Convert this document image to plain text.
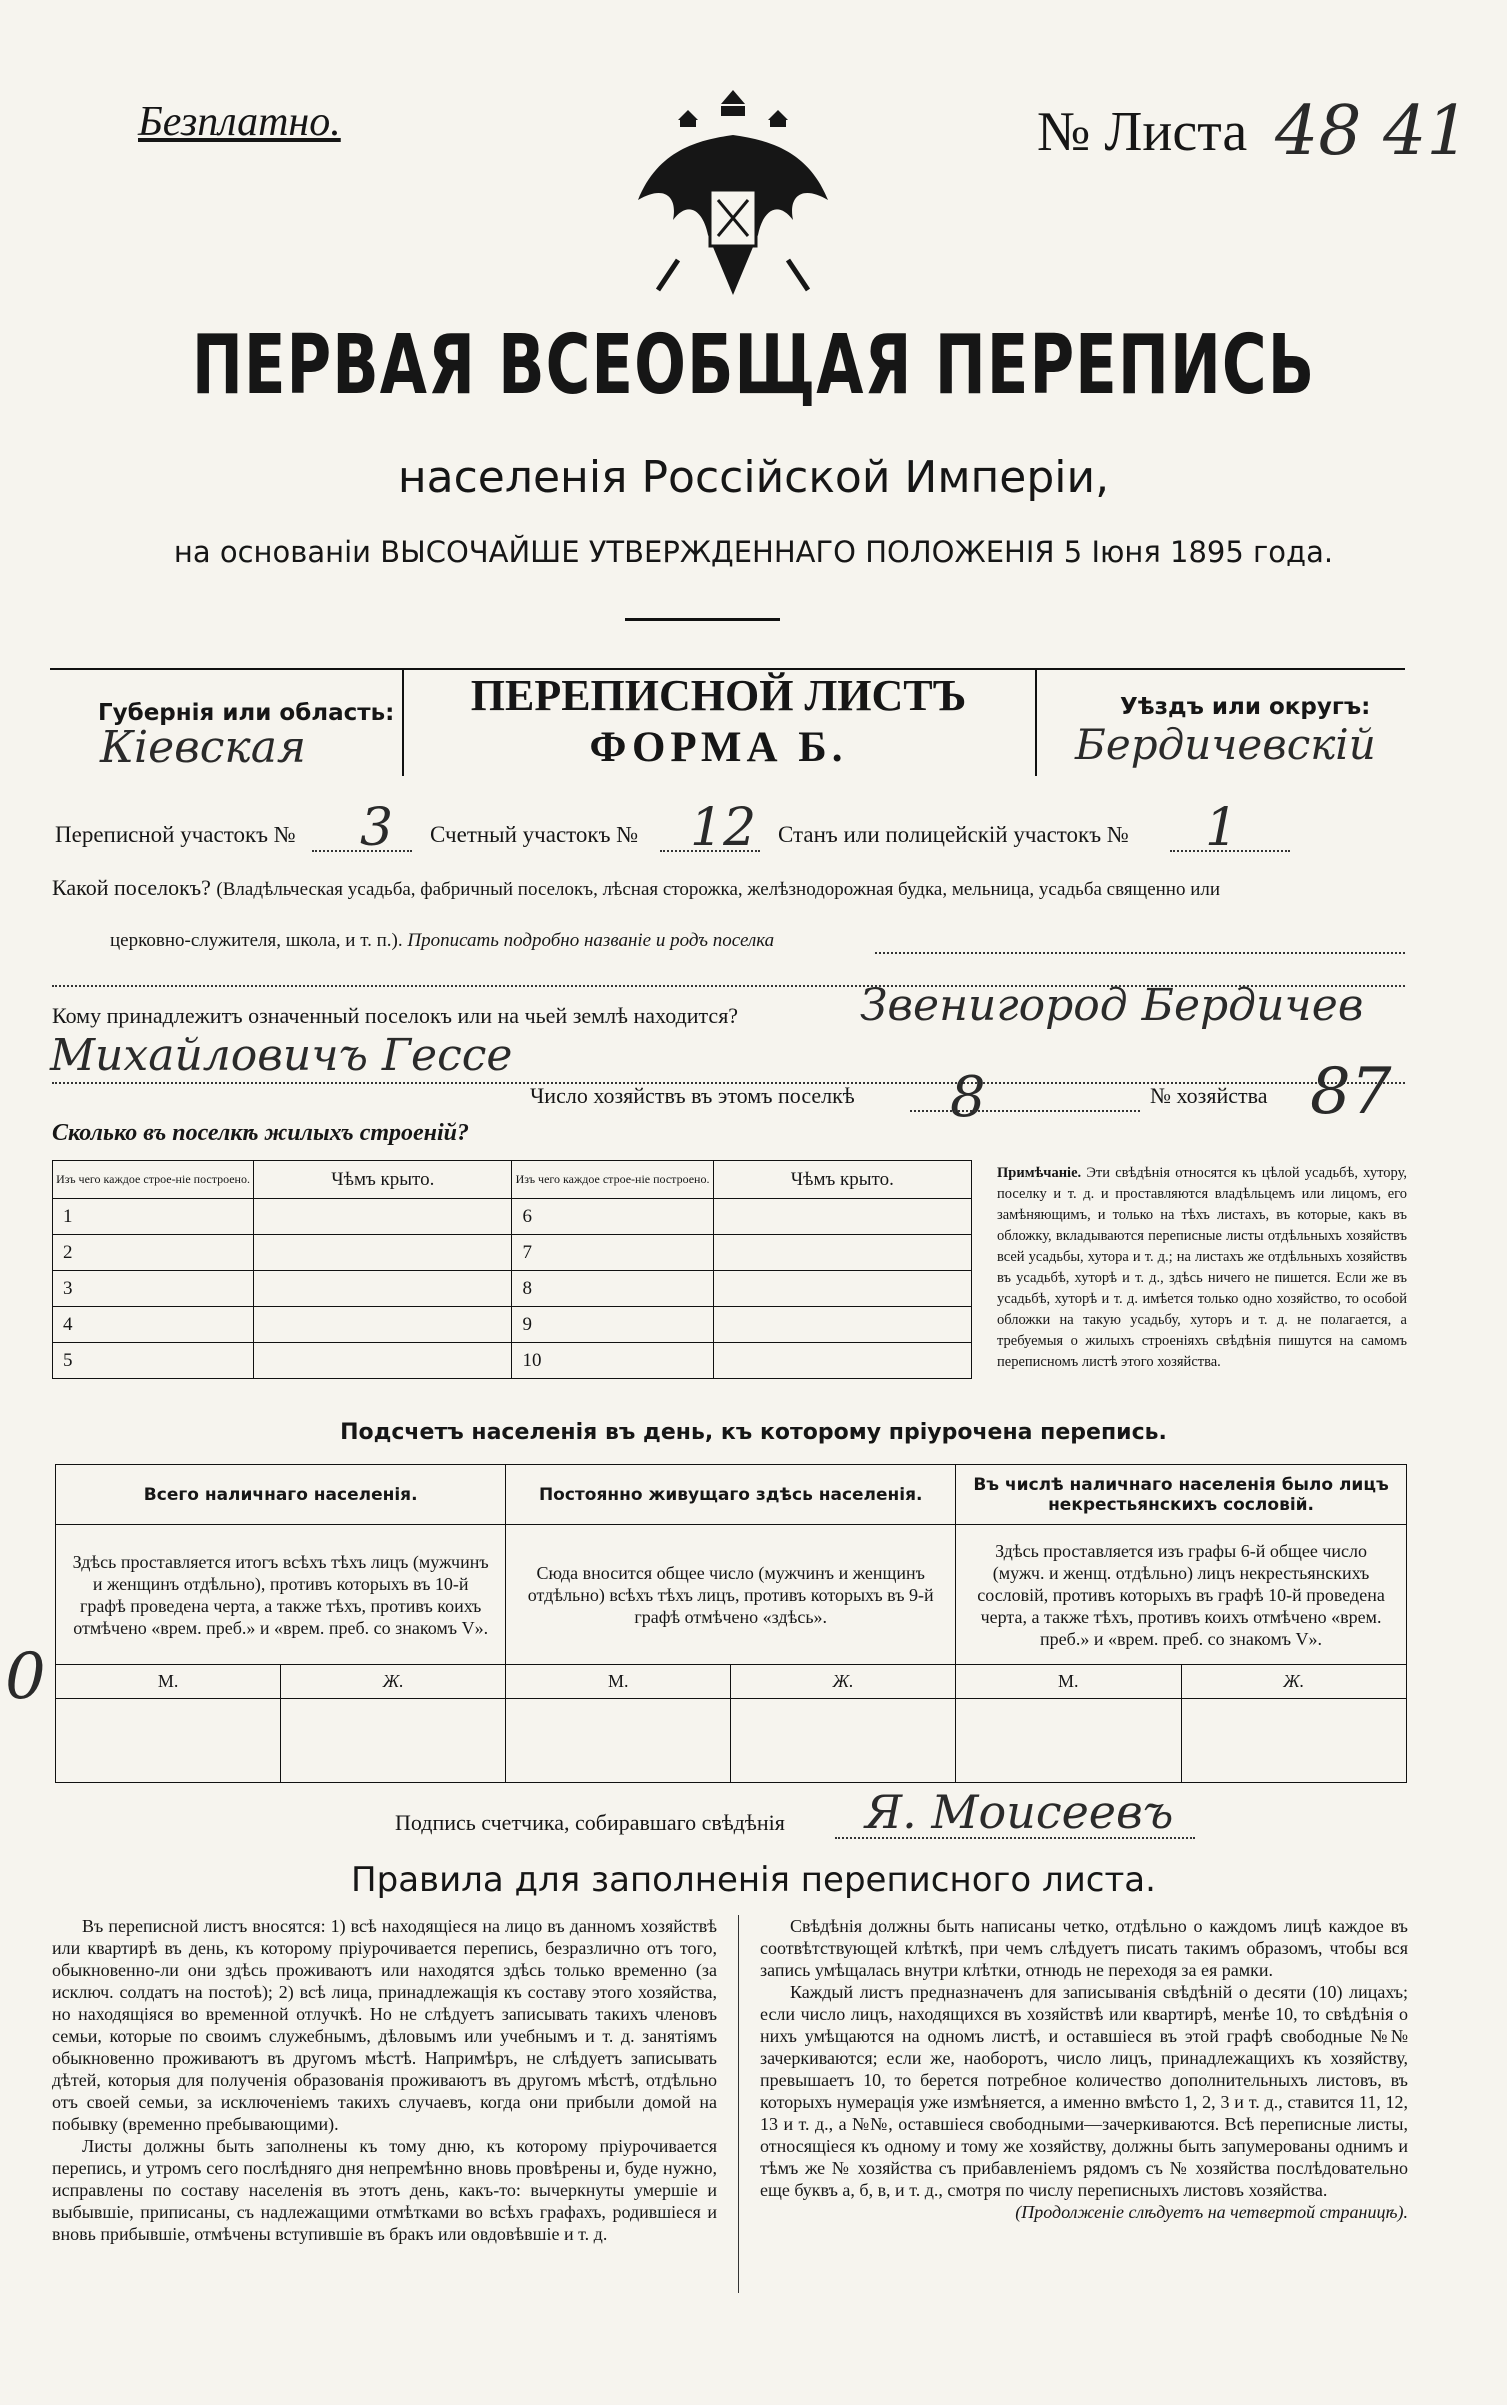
Безплатно.	№ Листа 48 41
ПЕРВАЯ ВСЕОБЩАЯ ПЕРЕПИСЬ
населенія Россійской Имперіи,
на основаніи ВЫСОЧАЙШЕ УТВЕРЖДЕННАГО ПОЛОЖЕНІЯ 5 Іюня 1895 года.
ПЕРЕПИСНОЙ ЛИСТЪ
ФОРМА Б.
Губернія или область:
Кіевская
Уѣздъ или округъ:
Бердичевскій
Переписной участокъ № 3 Счетный участокъ № 12 Станъ или полицейскій участокъ № 1
Какой поселокъ? (Владѣльческая усадьба, фабричный поселокъ, лѣсная сторожка, желѣзнодорожная будка, мельница, усадьба священно или
церковно-служителя, школа, и т. п.). Прописать подробно названіе и родъ поселка
Кому принадлежитъ означенный поселокъ или на чьей землѣ находится?	Звенигород Бердичев
Михайловичъ Гессе
Число хозяйствъ въ этомъ поселкѣ 8	№ хозяйства 87
Сколько въ поселкѣ жилыхъ строеній?
Изъ чего каждое строе-ніе построено.	Чѣмъ крыто.	Изъ чего каждое строе-ніе построено.	Чѣмъ крыто.
1		6	
2		7	
3		8	
4		9	
5		10	
Примѣчаніе. Эти свѣдѣнія относятся къ цѣлой усадьбѣ, хутору, поселку и т. д. и проставляются владѣльцемъ или лицомъ, его замѣняющимъ, и только на тѣхъ листахъ, въ которые, какъ въ обложку, вкладываются переписные листы отдѣльныхъ хозяйствъ всей усадьбы, хутора и т. д.; на листахъ же отдѣльныхъ хозяйствъ въ усадьбѣ, хуторѣ и т. д., здѣсь ничего не пишется. Если же въ усадьбѣ, хуторѣ и т. д. имѣется только одно хозяйство, то особой обложки на такую усадьбу, хуторъ и т. д. не полагается, а требуемыя о жилыхъ строеніяхъ свѣдѣнія пишутся на самомъ переписномъ листѣ этого хозяйства.
Подсчетъ населенія въ день, къ которому пріурочена перепись.
Всего наличнаго населенія.		Постоянно живущаго здѣсь населенія.		Въ числѣ наличнаго населенія было лицъ некрестьянскихъ сословій.	
Здѣсь проставляется итогъ всѣхъ тѣхъ лицъ (мужчинъ и женщинъ отдѣльно), противъ которыхъ въ 10-й графѣ проведена черта, а также тѣхъ, противъ коихъ отмѣчено «врем. преб.» и «врем. преб. со знакомъ V».		Сюда вносится общее число (мужчинъ и женщинъ отдѣльно) всѣхъ тѣхъ лицъ, противъ которыхъ въ 9-й графѣ отмѣчено «здѣсь».		Здѣсь проставляется изъ графы 6-й общее число (мужч. и женщ. отдѣльно) лицъ некрестьянскихъ сословій, противъ которыхъ въ графѣ 10-й проведена черта, а также тѣхъ, противъ коихъ отмѣчено «врем. преб.» и «врем. преб. со знакомъ V».	
М.	Ж.	М.	Ж.	М.	Ж.

Подпись счетчика, собиравшаго свѣдѣнія Я. Моисеевъ
Правила для заполненія переписного листа.
Въ переписной листъ вносятся: 1) всѣ находящіеся на лицо въ данномъ хозяйствѣ или квартирѣ въ день, къ которому пріурочивается перепись, безразлично отъ того, обыкновенно-ли они здѣсь проживаютъ или находятся здѣсь только временно (за исключ. солдатъ на постоѣ); 2) всѣ лица, принадлежащія къ составу этого хозяйства, но находящіяся во временной отлучкѣ. Но не слѣдуетъ записывать такихъ членовъ семьи, которые по своимъ служебнымъ, дѣловымъ или учебнымъ и т. д. занятіямъ обыкновенно проживаютъ въ другомъ мѣстѣ. Напримѣръ, не слѣдуетъ записывать дѣтей, которыя для полученія образованія проживаютъ въ другомъ мѣстѣ, отдѣльно отъ своей семьи, за исключеніемъ такихъ случаевъ, когда они прибыли домой на побывку (временно пребывающими).
Листы должны быть заполнены къ тому дню, къ которому пріурочивается перепись, и утромъ сего послѣдняго дня непремѣнно вновь провѣрены и, буде нужно, исправлены по составу населенія въ этотъ день, какъ-то: вычеркнуты умершіе и выбывшіе, приписаны, съ надлежащими отмѣтками во всѣхъ графахъ, родившіеся и вновь прибывшіе, отмѣчены вступившіе въ бракъ или овдовѣвшіе и т. д.
Свѣдѣнія должны быть написаны четко, отдѣльно о каждомъ лицѣ каждое въ соотвѣтствующей клѣткѣ, при чемъ слѣдуетъ писать такимъ образомъ, чтобы вся запись умѣщалась внутри клѣтки, отнюдь не переходя за ея рамки.
Каждый листъ предназначенъ для записыванія свѣдѣній о десяти (10) лицахъ; если число лицъ, находящихся въ хозяйствѣ или квартирѣ, менѣе 10, то свѣдѣнія о нихъ умѣщаются на одномъ листѣ, и оставшіеся въ этой графѣ свободные №№ зачеркиваются; если же, наоборотъ, число лицъ, принадлежащихъ къ хозяйству, превышаетъ 10, то берется потребное количество дополнительныхъ листовъ, въ которыхъ нумерація уже измѣняется, а именно вмѣсто 1, 2, 3 и т. д., ставится 11, 12, 13 и т. д., а №№, оставшіеся свободными—зачеркиваются. Всѣ переписные листы, относящіеся къ одному и тому же хозяйству, должны быть запумерованы однимъ и тѣмъ же № хозяйства съ прибавленіемъ рядомъ съ № хозяйства послѣдовательно еще буквъ а, б, в, и т. д., смотря по числу переписныхъ листовъ хозяйства.
(Продолженіе слѣдуетъ на четвертой страницѣ).
0
